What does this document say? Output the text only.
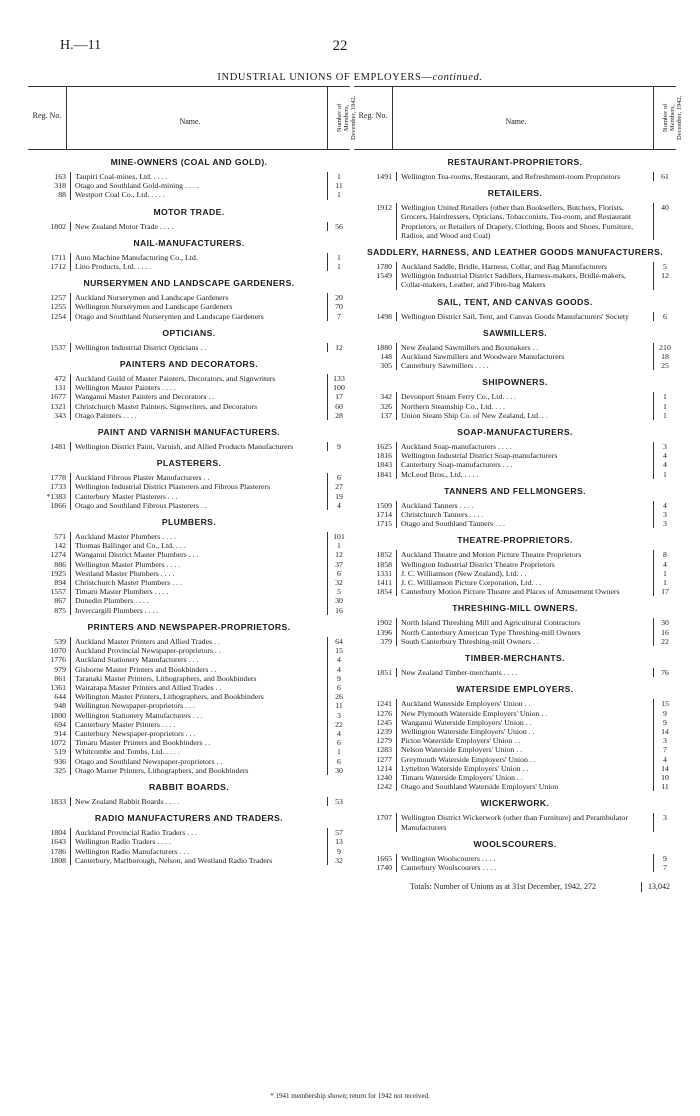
H.—11	22
INDUSTRIAL UNIONS OF EMPLOYERS—continued.
Reg. No.
Name.	Number of Members, December, 1942.
MINE-OWNERS (COAL AND GOLD).
163	Taupiri Coal-mines, Ltd. . . . .	1
318	Otago and Southland Gold-mining . . . .	11
88	Westport Coal Co., Ltd. . . . .	1
MOTOR TRADE.
1802	New Zealand Motor Trade . . . .	56
NAIL-MANUFACTURERS.
1711	Auto Machine Manufacturing Co., Ltd.	1
1712	Lino Products, Ltd. . . . .	1
NURSERYMEN AND LANDSCAPE GARDENERS.
1257	Auckland Nurserymen and Landscape Gardeners	20
1255	Wellington Nurserymen and Landscape Gardeners	70
1254	Otago and Southland Nurserymen and Landscape Gardeners	7
OPTICIANS.
1537	Wellington Industrial District Opticians . .	12
PAINTERS AND DECORATORS.
472	Auckland Guild of Master Painters, Decorators, and Signwriters	133
131	Wellington Master Painters . . . .	100
1677	Wanganui Master Painters and Decorators . .	17
1321	Christchurch Master Painters, Signwriters, and Decorators	60
343	Otago Painters . . . .	28
PAINT AND VARNISH MANUFACTURERS.
1481	Wellington District Paint, Varnish, and Allied Products Manufacturers	9
PLASTERERS.
1778	Auckland Fibrous Plaster Manufacturers . .	6
1733	Wellington Industrial District Plasterers and Fibrous Plasterers	27
*1383	Canterbury Master Plasterers . . .	19
1866	Otago and Southland Fibrous Plasterers . .	4
PLUMBERS.
571	Auckland Master Plumbers . . . .	101
142	Thomas Ballinger and Co., Ltd. . . .	1
1274	Wanganui District Master Plumbers . . .	12
886	Wellington Master Plumbers . . . .	37
1925	Westland Master Plumbers . . . .	6
894	Christchurch Master Plumbers . . .	32
1557	Timaru Master Plumbers . . . .	5
867	Dunedin Plumbers . . . .	30
875	Invercargill Plumbers . . . .	16
PRINTERS AND NEWSPAPER-PROPRIETORS.
539	Auckland Master Printers and Allied Trades . .	64
1070	Auckland Provincial Newspaper-proprietors . .	15
1776	Auckland Stationery Manufacturers . . .	4
979	Gisborne Master Printers and Bookbinders . .	4
861	Taranaki Master Printers, Lithographers, and Bookbinders	9
1361	Wairarapa Master Printers and Allied Trades . .	6
644	Wellington Master Printers, Lithographers, and Bookbinders	26
948	Wellington Newspaper-proprietors . . .	11
1800	Wellington Stationery Manufacturers . . .	3
694	Canterbury Master Printers . . . .	22
914	Canterbury Newspaper-proprietors . . .	4
1072	Timaru Master Printers and Bookbinders . .	6
519	Whitcombe and Tombs, Ltd. . . . .	1
936	Otago and Southland Newspaper-proprietors . .	6
325	Otago Master Printers, Lithographers, and Bookbinders	30
RABBIT BOARDS.
1833	New Zealand Rabbit Boards . . . .	53
RADIO MANUFACTURERS AND TRADERS.
1804	Auckland Provincial Radio Traders . . .	57
1643	Wellington Radio Traders . . . .	13
1786	Wellington Radio Manufacturers . . .	9
1808	Canterbury, Marlborough, Nelson, and Westland Radio Traders	32
Reg. No.
Name.	Number of Members, December, 1942.
RESTAURANT-PROPRIETORS.
1491	Wellington Tea-rooms, Restaurant, and Refreshment-room Proprietors	61
RETAILERS.
1912	Wellington United Retailers (other than Booksellers, Butchers, Florists, Grocers, Hairdressers, Opticians, Tobacconists, Tea-room, and Restaurant Proprietors, or Retailers of Drapery, Clothing, Boots and Shoes, Furniture, Radios, and Wood and Coal)	40
SADDLERY, HARNESS, AND LEATHER GOODS MANUFACTURERS.
1780	Auckland Saddle, Bridle, Harness, Collar, and Bag Manufacturers	5
1549	Wellington Industrial District Saddlers, Harness-makers, Bridle-makers, Collar-makers, Leather, and Fibre-bag Makers	12
SAIL, TENT, AND CANVAS GOODS.
1498	Wellington District Sail, Tent, and Canvas Goods Manufacturers' Society	6
SAWMILLERS.
1880	New Zealand Sawmillers and Boxmakers . .	210
148	Auckland Sawmillers and Woodware Manufacturers	18
305	Canterbury Sawmillers . . . .	25
SHIPOWNERS.
342	Devonport Steam Ferry Co., Ltd. . . .	1
326	Northern Steamship Co., Ltd. . . .	1
137	Union Steam Ship Co. of New Zealand, Ltd. . .	1
SOAP-MANUFACTURERS.
1625	Auckland Soap-manufacturers . . . .	3
1816	Wellington Industrial District Soap-manufacturers	4
1843	Canterbury Soap-manufacturers . . .	4
1841	McLeod Bros., Ltd. . . . .	1
TANNERS AND FELLMONGERS.
1509	Auckland Tanners . . . .	4
1714	Christchurch Tanners . . . .	3
1715	Otago and Southland Tanners . . .	3
THEATRE-PROPRIETORS.
1852	Auckland Theatre and Motion Picture Theatre Proprietors	8
1858	Wellington Industrial District Theatre Proprietors	4
1331	J. C. Williamson (New Zealand), Ltd. . .	1
1411	J. C. Williamson Picture Corporation, Ltd. . .	1
1854	Canterbury Motion Picture Theatre and Places of Amusement Owners	17
THRESHING-MILL OWNERS.
1902	North Island Threshing Mill and Agricultural Contractors	30
1396	North Canterbury American Type Threshing-mill Owners	16
379	South Canterbury Threshing-mill Owners . .	22
TIMBER-MERCHANTS.
1851	New Zealand Timber-merchants . . . .	76
WATERSIDE EMPLOYERS.
1241	Auckland Waterside Employers' Union . .	15
1276	New Plymouth Waterside Employers' Union . .	9
1245	Wanganui Waterside Employers' Union . .	9
1239	Wellington Waterside Employers' Union . .	14
1279	Picton Waterside Employers' Union . .	3
1283	Nelson Waterside Employers' Union . .	7
1277	Greymouth Waterside Employers' Union . .	4
1214	Lyttelton Waterside Employers' Union . .	14
1240	Timaru Waterside Employers' Union . .	10
1242	Otago and Southland Waterside Employers' Union	11
WICKERWORK.
1707	Wellington District Wickerwork (other than Furniture) and Perambulator Manufacturers	3
WOOLSCOURERS.
1665	Wellington Woolscourers . . . .	9
1740	Canterbury Woolscourers . . . .	7
	Totals: Number of Unions as at 31st December, 1942, 272	13,042
* 1941 membership shown; return for 1942 not received.
